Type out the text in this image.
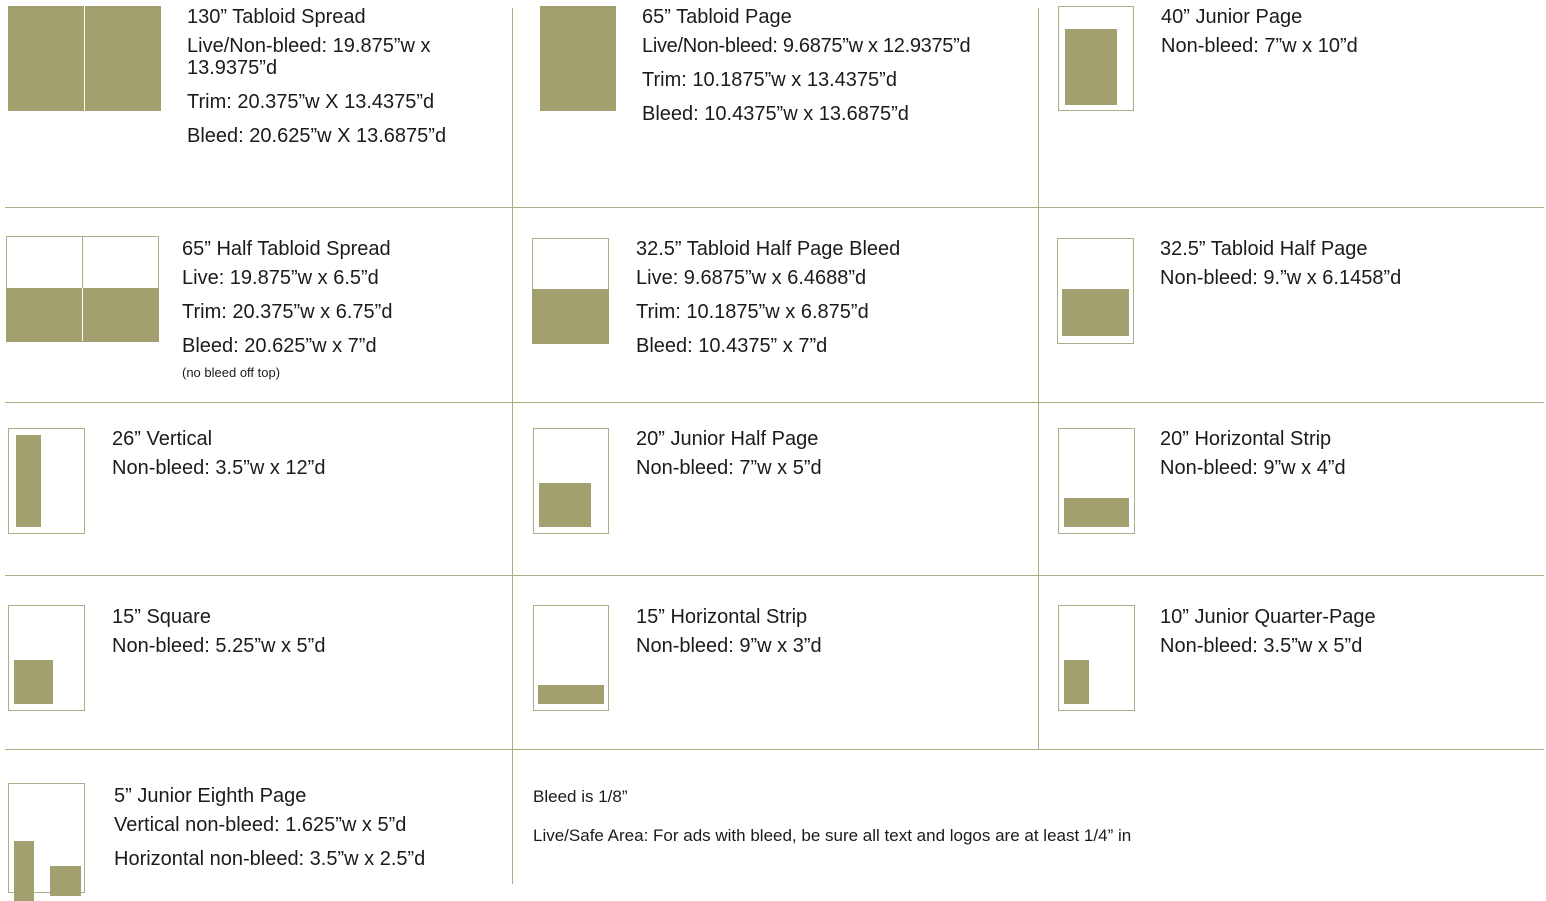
130” Tabloid Spread
Live/Non-bleed: 19.875”w x 13.9375”d
Trim: 20.375”w X 13.4375”d
Bleed: 20.625”w X 13.6875”d
65” Tabloid Page
Live/Non-bleed: 9.6875”w x 12.9375”d
Trim: 10.1875”w x 13.4375”d
Bleed: 10.4375”w x 13.6875”d
40” Junior Page
Non-bleed: 7”w x 10”d
65” Half Tabloid Spread
Live: 19.875”w x 6.5”d
Trim: 20.375”w x 6.75”d
Bleed: 20.625”w x 7”d
(no bleed off top)
32.5” Tabloid Half Page Bleed
Live: 9.6875”w x 6.4688”d
Trim: 10.1875”w x 6.875”d
Bleed: 10.4375” x 7”d
32.5” Tabloid Half Page
Non-bleed: 9.”w x 6.1458”d
26” Vertical
Non-bleed: 3.5”w x 12”d
20” Junior Half Page
Non-bleed: 7”w x 5”d
20” Horizontal Strip
Non-bleed: 9”w x 4”d
15” Square
Non-bleed: 5.25”w x 5”d
15” Horizontal Strip
Non-bleed: 9”w x 3”d
10” Junior Quarter-Page
Non-bleed: 3.5”w x 5”d
5” Junior Eighth Page
Vertical non-bleed: 1.625”w x 5”d
Horizontal non-bleed: 3.5”w x 2.5”d
Bleed is 1/8”
Live/Safe Area: For ads with bleed, be sure all text and logos are at least 1/4” in
